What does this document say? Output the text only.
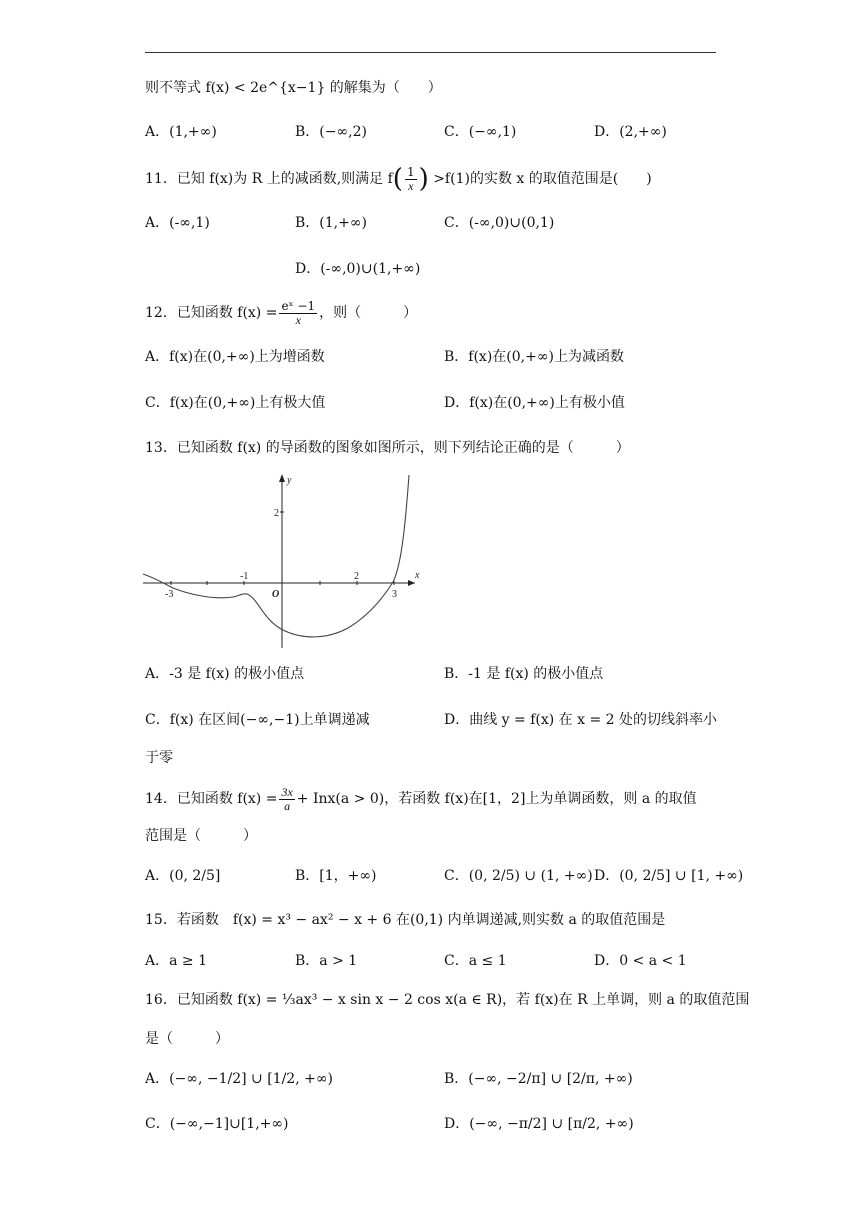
则不等式 f(x) < 2e^{x−1} 的解集为（　　）
A．(1,+∞)	B．(−∞,2)	C．(−∞,1)	D．(2,+∞)
11．已知 f(x)为 R 上的减函数,则满足 $f( \frac{1}{x}$ ) >f(1)的实数 x 的取值范围是(　　)
A．(-∞,1)	B．(1,+∞)	C．(-∞,0)∪(0,1)
D．(-∞,0)∪(1,+∞)
12．已知函数 $f(x) = \frac{\text{eˣ −1}}{x}$ ，则（　　　）
A．f(x)在(0,+∞)上为增函数	B．f(x)在(0,+∞)上为减函数
C．f(x)在(0,+∞)上有极大值	D．f(x)在(0,+∞)上有极小值
13．已知函数 f(x) 的导函数的图象如图所示，则下列结论正确的是（　　　）
y
x
2
-3
-1	2
3
O
A．-3 是 f(x) 的极小值点	B．-1 是 f(x) 的极小值点
C．f(x) 在区间(−∞,−1)上单调递减	D．曲线 y = f(x) 在 x = 2 处的切线斜率小
于零
14．已知函数 $f(x) = \frac{3x}{a} + Inx(a > 0)$，若函数 f(x)在[1，2]上为单调函数，则 a 的取值
范围是（　　　）
A．(0, 2/5]	B．[1，+∞)	C．(0, 2/5) ∪ (1, +∞) D．(0, 2/5] ∪ [1, +∞)
15．若函数　f(x) = x³ − ax² − x + 6 在(0,1) 内单调递减,则实数 a 的取值范围是
A．a ≥ 1	B．a > 1	C．a ≤ 1	D．0 < a < 1
16．已知函数 f(x) = ⅓ax³ − x sin x − 2 cos x(a ∈ R)，若 f(x)在 R 上单调，则 a 的取值范围
是（　　　）
A．(−∞, −1/2] ∪ [1/2, +∞)	B．(−∞, −2/π] ∪ [2/π, +∞)
C．(−∞,−1]∪[1,+∞)	D．(−∞, −π/2] ∪ [π/2, +∞)
